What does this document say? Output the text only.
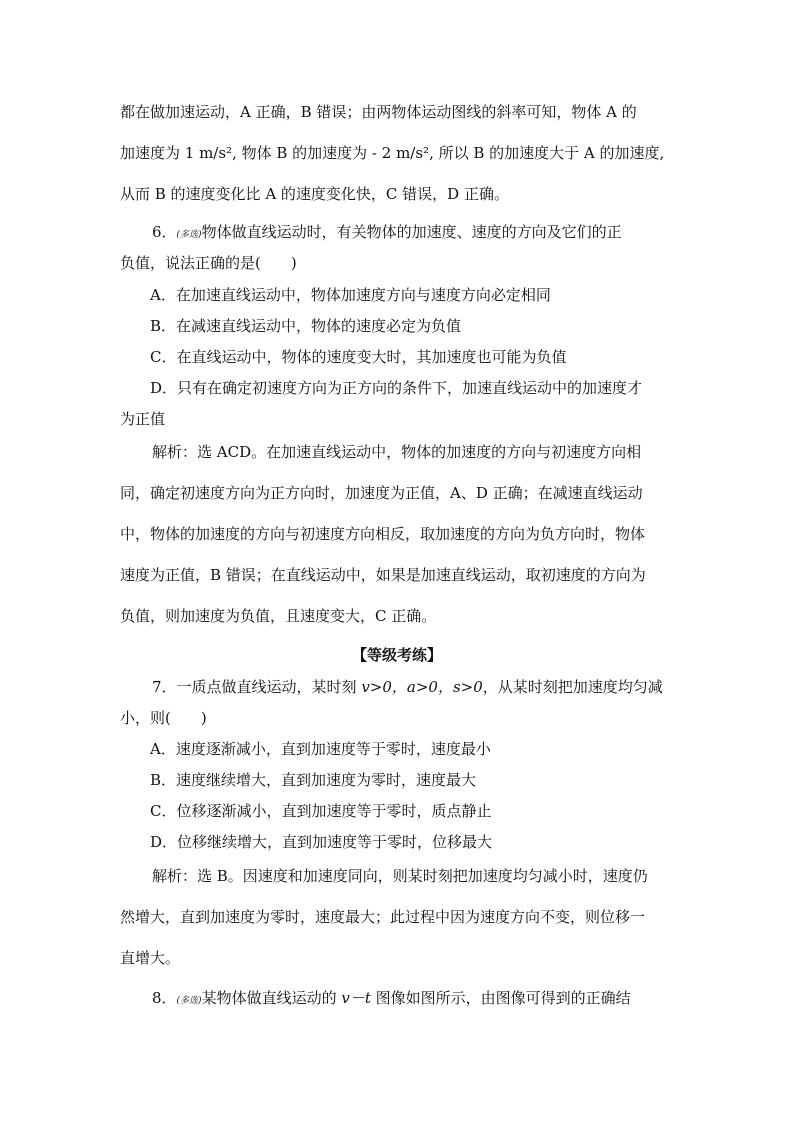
都在做加速运动，A 正确，B 错误；由两物体运动图线的斜率可知，物体 A 的
加速度为 1 m/s², 物体 B 的加速度为 - 2 m/s², 所以 B 的加速度大于 A 的加速度,
从而 B 的速度变化比 A 的速度变化快，C 错误，D 正确。
6．(多选)物体做直线运动时，有关物体的加速度、速度的方向及它们的正
负值，说法正确的是(　　)
A．在加速直线运动中，物体加速度方向与速度方向必定相同
B．在减速直线运动中，物体的速度必定为负值
C．在直线运动中，物体的速度变大时，其加速度也可能为负值
D．只有在确定初速度方向为正方向的条件下，加速直线运动中的加速度才
为正值
解析：选 ACD。在加速直线运动中，物体的加速度的方向与初速度方向相
同，确定初速度方向为正方向时，加速度为正值，A、D 正确；在减速直线运动
中，物体的加速度的方向与初速度方向相反，取加速度的方向为负方向时，物体
速度为正值，B 错误；在直线运动中，如果是加速直线运动，取初速度的方向为
负值，则加速度为负值，且速度变大，C 正确。
【等级考练】
7．一质点做直线运动，某时刻 v>0，a>0，s>0，从某时刻把加速度均匀减
小，则(　　)
A．速度逐渐减小，直到加速度等于零时，速度最小
B．速度继续增大，直到加速度为零时，速度最大
C．位移逐渐减小，直到加速度等于零时，质点静止
D．位移继续增大，直到加速度等于零时，位移最大
解析：选 B。因速度和加速度同向，则某时刻把加速度均匀减小时，速度仍
然增大，直到加速度为零时，速度最大；此过程中因为速度方向不变，则位移一
直增大。
8．(多选)某物体做直线运动的 v－t 图像如图所示，由图像可得到的正确结
